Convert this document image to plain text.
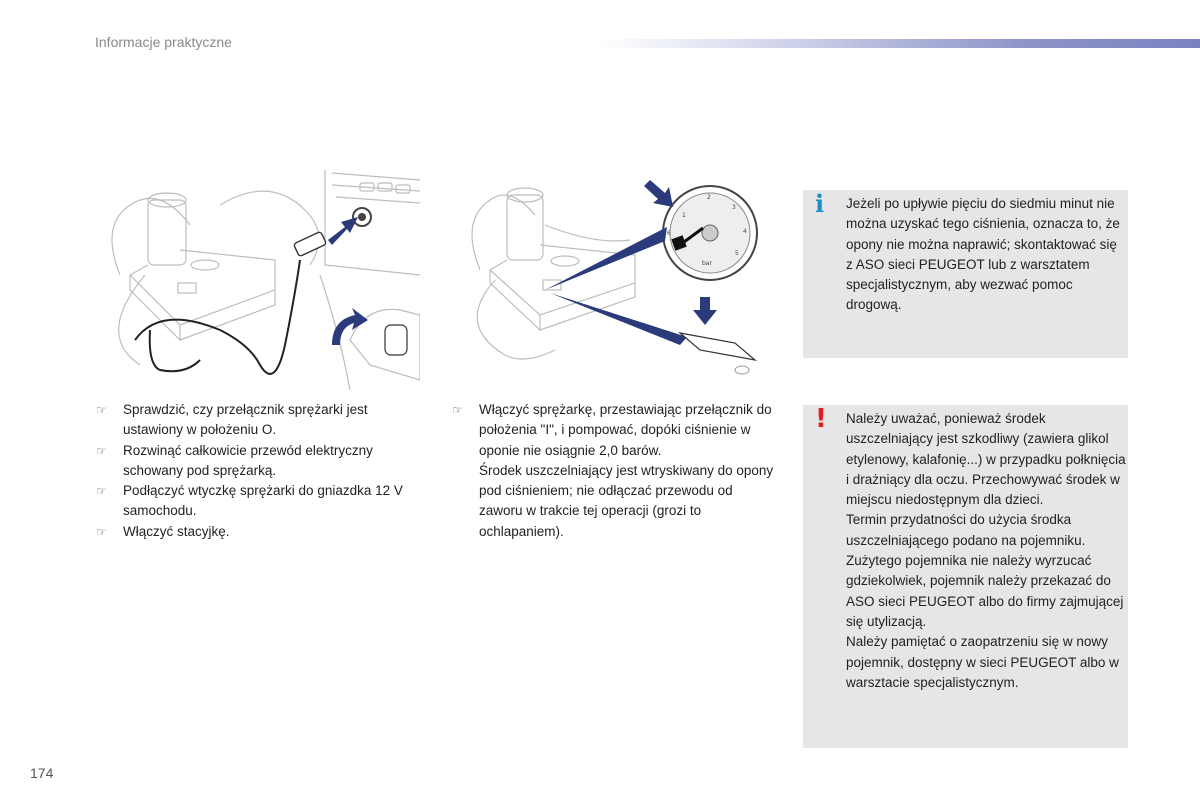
Informacje praktyczne
1
2
3
4
5
6
bar
☞ Sprawdzić, czy przełącznik sprężarki jest ustawiony w położeniu O.
☞ Rozwinąć całkowicie przewód elektryczny schowany pod sprężarką.
☞ Podłączyć wtyczkę sprężarki do gniazdka 12 V samochodu.
☞ Włączyć stacyjkę.
☞ Włączyć sprężarkę, przestawiając przełącznik do położenia "I", i pompować, dopóki ciśnienie w oponie nie osiągnie 2,0 barów.
Środek uszczelniający jest wtryskiwany do opony pod ciśnieniem; nie odłączać przewodu od zaworu w trakcie tej operacji (grozi to ochlapaniem).
i Jeżeli po upływie pięciu do siedmiu minut nie można uzyskać tego ciśnienia, oznacza to, że opony nie można naprawić; skontaktować się z ASO sieci PEUGEOT lub z warsztatem specjalistycznym, aby wezwać pomoc drogową.
! Należy uważać, ponieważ środek uszczelniający jest szkodliwy (zawiera glikol etylenowy, kalafonię...) w przypadku połknięcia i drażniący dla oczu. Przechowywać środek w miejscu niedostępnym dla dzieci.

Termin przydatności do użycia środka uszczelniającego podano na pojemniku.

Zużytego pojemnika nie należy wyrzucać gdziekolwiek, pojemnik należy przekazać do ASO sieci PEUGEOT albo do firmy zajmującej się utylizacją.

Należy pamiętać o zaopatrzeniu się w nowy pojemnik, dostępny w sieci PEUGEOT albo w warsztacie specjalistycznym.

174
